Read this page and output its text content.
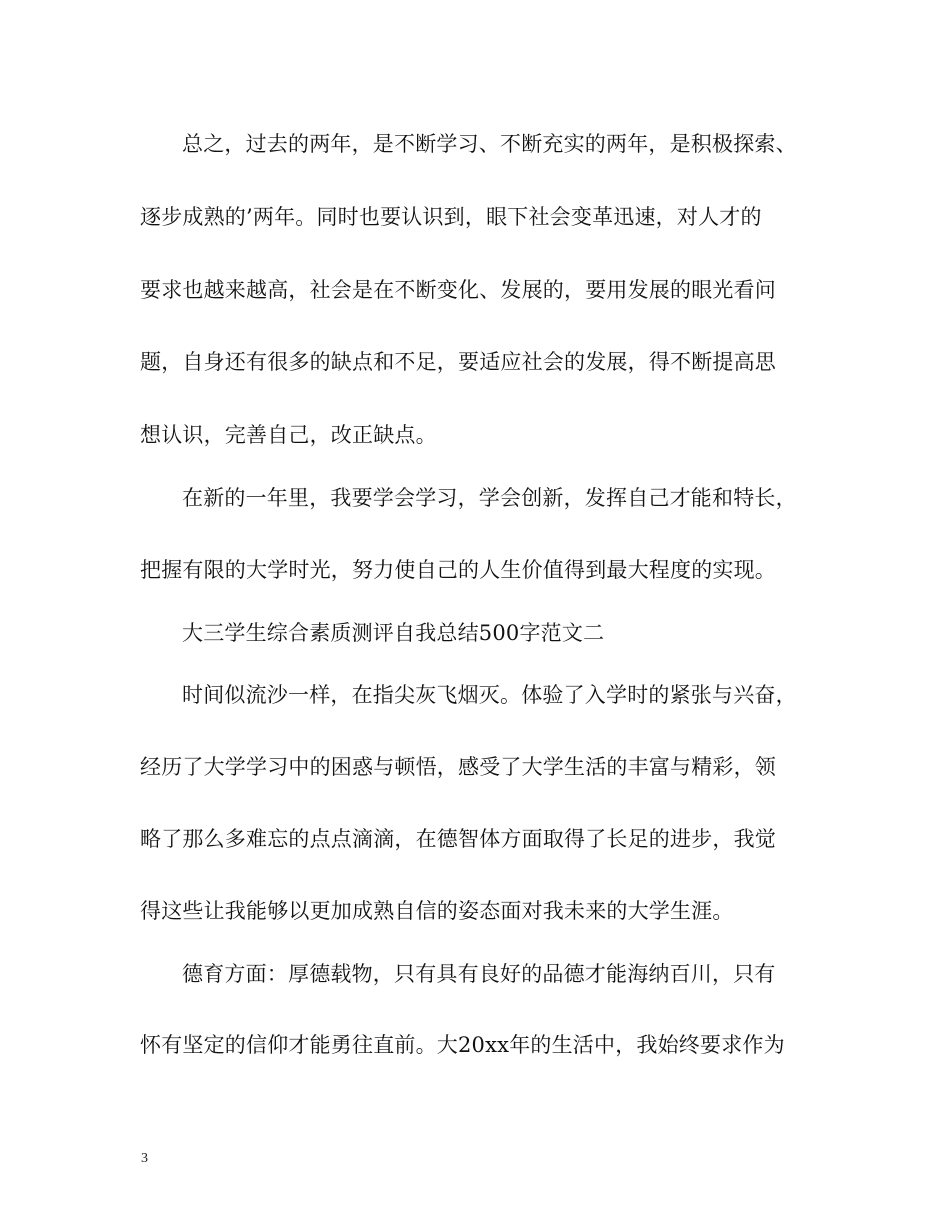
总之，过去的两年，是不断学习、不断充实的两年，是积极探索、
逐步成熟的’两年。同时也要认识到，眼下社会变革迅速，对人才的
要求也越来越高，社会是在不断变化、发展的，要用发展的眼光看问
题，自身还有很多的缺点和不足，要适应社会的发展，得不断提高思
想认识，完善自己，改正缺点。
在新的一年里，我要学会学习，学会创新，发挥自己才能和特长，
把握有限的大学时光，努力使自己的人生价值得到最大程度的实现。
大三学生综合素质测评自我总结500字范文二
时间似流沙一样，在指尖灰飞烟灭。体验了入学时的紧张与兴奋，
经历了大学学习中的困惑与顿悟，感受了大学生活的丰富与精彩，领
略了那么多难忘的点点滴滴，在德智体方面取得了长足的进步，我觉
得这些让我能够以更加成熟自信的姿态面对我未来的大学生涯。
德育方面：厚德载物，只有具有良好的品德才能海纳百川，只有
怀有坚定的信仰才能勇往直前。大20xx年的生活中，我始终要求作为
3
